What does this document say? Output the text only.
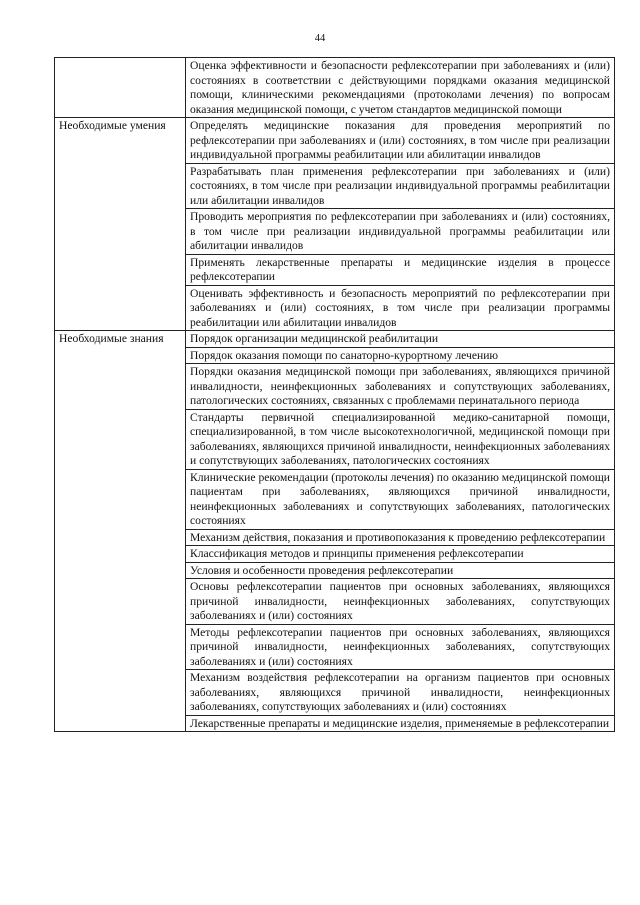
44
	Оценка эффективности и безопасности рефлексотерапии при заболеваниях и (или) состояниях в соответствии с действующими порядками оказания медицинской помощи, клиническими рекомендациями (протоколами лечения) по вопросам оказания медицинской помощи, с учетом стандартов медицинской помощи
Необходимые умения	Определять медицинские показания для проведения мероприятий по рефлексотерапии при заболеваниях и (или) состояниях, в том числе при реализации индивидуальной программы реабилитации или абилитации инвалидов
	Разрабатывать план применения рефлексотерапии при заболеваниях и (или) состояниях, в том числе при реализации индивидуальной программы реабилитации или абилитации инвалидов
	Проводить мероприятия по рефлексотерапии при заболеваниях и (или) состояниях, в том числе при реализации индивидуальной программы реабилитации или абилитации инвалидов
	Применять лекарственные препараты и медицинские изделия в процессе рефлексотерапии
	Оценивать эффективность и безопасность мероприятий по рефлексотерапии при заболеваниях и (или) состояниях, в том числе при реализации программы реабилитации или абилитации инвалидов
Необходимые знания	Порядок организации медицинской реабилитации
	Порядок оказания помощи по санаторно-курортному лечению
	Порядки оказания медицинской помощи при заболеваниях, являющихся причиной инвалидности, неинфекционных заболеваниях и сопутствующих заболеваниях, патологических состояниях, связанных с проблемами перинатального периода
	Стандарты первичной специализированной медико-санитарной помощи, специализированной, в том числе высокотехнологичной, медицинской помощи при заболеваниях, являющихся причиной инвалидности, неинфекционных заболеваниях и сопутствующих заболеваниях, патологических состояниях
	Клинические рекомендации (протоколы лечения) по оказанию медицинской помощи пациентам при заболеваниях, являющихся причиной инвалидности, неинфекционных заболеваниях и сопутствующих заболеваниях, патологических состояниях
	Механизм действия, показания и противопоказания к проведению рефлексотерапии
	Классификация методов и принципы применения рефлексотерапии
	Условия и особенности проведения рефлексотерапии
	Основы рефлексотерапии пациентов при основных заболеваниях, являющихся причиной инвалидности, неинфекционных заболеваниях, сопутствующих заболеваниях и (или) состояниях
	Методы рефлексотерапии пациентов при основных заболеваниях, являющихся причиной инвалидности, неинфекционных заболеваниях, сопутствующих заболеваниях и (или) состояниях
	Механизм воздействия рефлексотерапии на организм пациентов при основных заболеваниях, являющихся причиной инвалидности, неинфекционных заболеваниях, сопутствующих заболеваниях и (или) состояниях
	Лекарственные препараты и медицинские изделия, применяемые в рефлексотерапии
